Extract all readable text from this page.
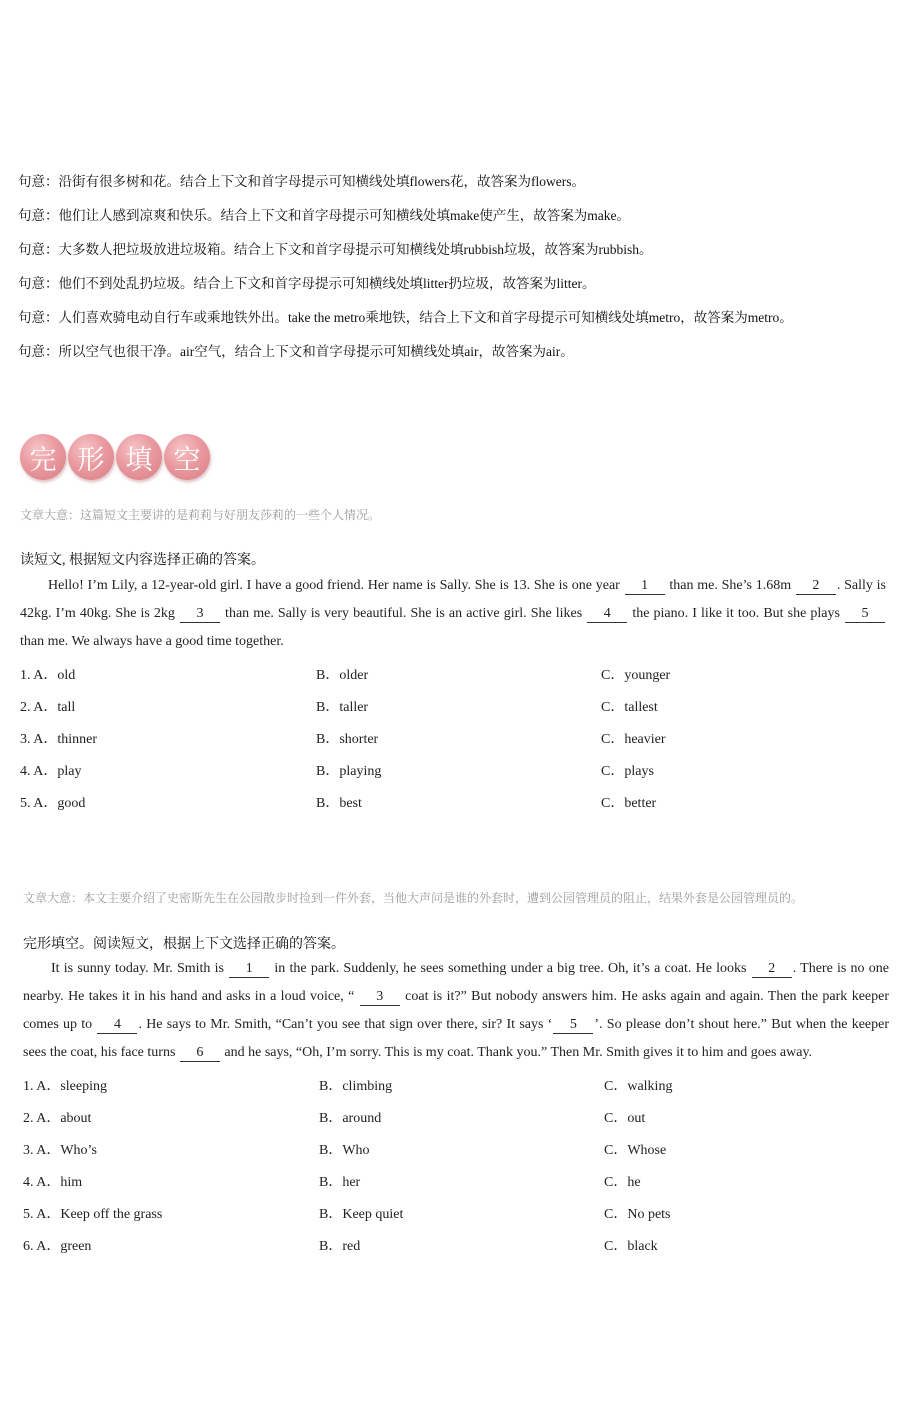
句意：沿街有很多树和花。结合上下文和首字母提示可知横线处填flowers花，故答案为flowers。
句意：他们让人感到凉爽和快乐。结合上下文和首字母提示可知横线处填make使产生，故答案为make。
句意：大多数人把垃圾放进垃圾箱。结合上下文和首字母提示可知横线处填rubbish垃圾，故答案为rubbish。
句意：他们不到处乱扔垃圾。结合上下文和首字母提示可知横线处填litter扔垃圾，故答案为litter。
句意：人们喜欢骑电动自行车或乘地铁外出。take the metro乘地铁，结合上下文和首字母提示可知横线处填metro，故答案为metro。
句意：所以空气也很干净。air空气，结合上下文和首字母提示可知横线处填air，故答案为air。
完 形 填 空
文章大意：这篇短文主要讲的是莉莉与好朋友莎莉的一些个人情况。
读短文, 根据短文内容选择正确的答案。
Hello! I’m Lily, a 12-year-old girl. I have a good friend. Her name is Sally. She is 13. She is one year 1 than me. She’s 1.68m 2 . Sally is 42kg. I’m 40kg. She is 2kg 3 than me. Sally is very beautiful. She is an active girl. She likes 4 the piano. I like it too. But she plays 5 than me. We always have a good time together.
1. A．old	B．older	C．younger
2. A．tall	B．taller	C．tallest
3. A．thinner	B．shorter	C．heavier
4. A．play	B．playing	C．plays
5. A．good	B．best	C．better
文章大意：本文主要介绍了史密斯先生在公园散步时捡到一件外套，当他大声问是谁的外套时，遭到公园管理员的阻止，结果外套是公园管理员的。
完形填空。阅读短文，根据上下文选择正确的答案。
It is sunny today. Mr. Smith is 1 in the park. Suddenly, he sees something under a big tree. Oh, it’s a coat. He looks 2 . There is no one nearby. He takes it in his hand and asks in a loud voice, “ 3 coat is it?” But nobody answers him. He asks again and again. Then the park keeper comes up to 4 . He says to Mr. Smith, “Can’t you see that sign over there, sir? It says ‘ 5 ’. So please don’t shout here.” But when the keeper sees the coat, his face turns 6 and he says, “Oh, I’m sorry. This is my coat. Thank you.” Then Mr. Smith gives it to him and goes away.
1. A．sleeping	B．climbing	C．walking
2. A．about	B．around	C．out
3. A．Who’s	B．Who	C．Whose
4. A．him	B．her	C．he
5. A．Keep off the grass	B．Keep quiet	C．No pets
6. A．green	B．red	C．black
